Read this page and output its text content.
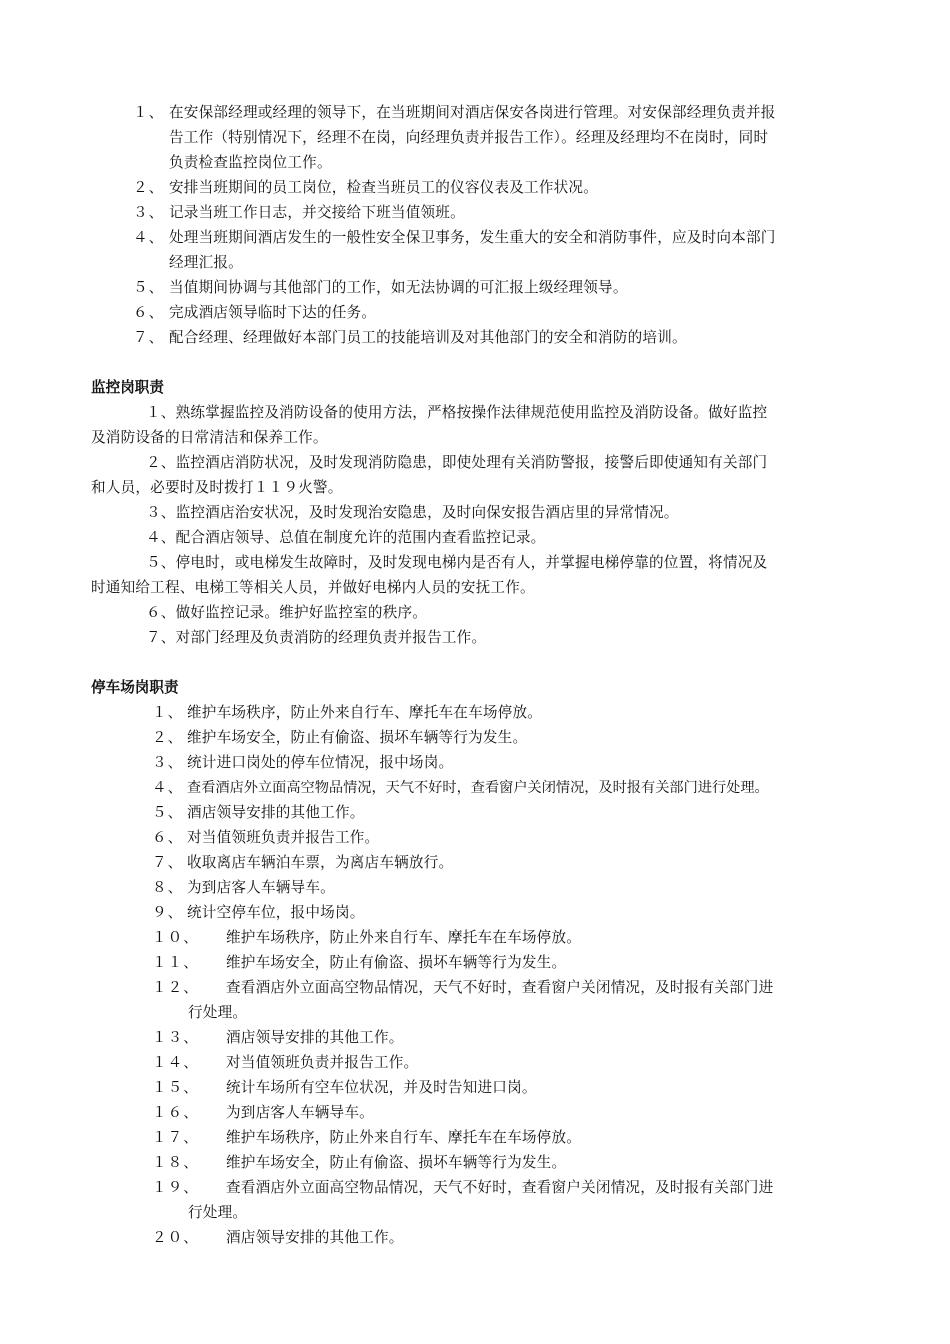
１、 在安保部经理或经理的领导下，在当班期间对酒店保安各岗进行管理。对安保部经理负责并报
告工作（特别情况下，经理不在岗，向经理负责并报告工作）。经理及经理均不在岗时，同时
负责检查监控岗位工作。
２、 安排当班期间的员工岗位，检查当班员工的仪容仪表及工作状况。
３、 记录当班工作日志，并交接给下班当值领班。
４、 处理当班期间酒店发生的一般性安全保卫事务，发生重大的安全和消防事件，应及时向本部门
经理汇报。
５、 当值期间协调与其他部门的工作，如无法协调的可汇报上级经理领导。
６、 完成酒店领导临时下达的任务。
７、 配合经理、经理做好本部门员工的技能培训及对其他部门的安全和消防的培训。
监控岗职责
１、熟练掌握监控及消防设备的使用方法，严格按操作法律规范使用监控及消防设备。做好监控
及消防设备的日常清洁和保养工作。
２、监控酒店消防状况，及时发现消防隐患，即使处理有关消防警报，接警后即使通知有关部门
和人员，必要时及时拨打１１９火警。
３、监控酒店治安状况，及时发现治安隐患，及时向保安报告酒店里的异常情况。
４、配合酒店领导、总值在制度允许的范围内查看监控记录。
５、停电时，或电梯发生故障时，及时发现电梯内是否有人，并掌握电梯停靠的位置，将情况及
时通知给工程、电梯工等相关人员，并做好电梯内人员的安抚工作。
６、做好监控记录。维护好监控室的秩序。
７、对部门经理及负责消防的经理负责并报告工作。
停车场岗职责
１、 维护车场秩序，防止外来自行车、摩托车在车场停放。
２、 维护车场安全，防止有偷盗、损坏车辆等行为发生。
３、 统计进口岗处的停车位情况，报中场岗。
４、 查看酒店外立面高空物品情况，天气不好时，查看窗户关闭情况，及时报有关部门进行处理。
５、 酒店领导安排的其他工作。
６、 对当值领班负责并报告工作。
７、 收取离店车辆泊车票，为离店车辆放行。
８、 为到店客人车辆导车。
９、 统计空停车位，报中场岗。
１０、 维护车场秩序，防止外来自行车、摩托车在车场停放。
１１、 维护车场安全，防止有偷盗、损坏车辆等行为发生。
１２、 查看酒店外立面高空物品情况，天气不好时，查看窗户关闭情况，及时报有关部门进
行处理。
１３、 酒店领导安排的其他工作。
１４、 对当值领班负责并报告工作。
１５、 统计车场所有空车位状况，并及时告知进口岗。
１６、 为到店客人车辆导车。
１７、 维护车场秩序，防止外来自行车、摩托车在车场停放。
１８、 维护车场安全，防止有偷盗、损坏车辆等行为发生。
１９、 查看酒店外立面高空物品情况，天气不好时，查看窗户关闭情况，及时报有关部门进
行处理。
２０、 酒店领导安排的其他工作。
